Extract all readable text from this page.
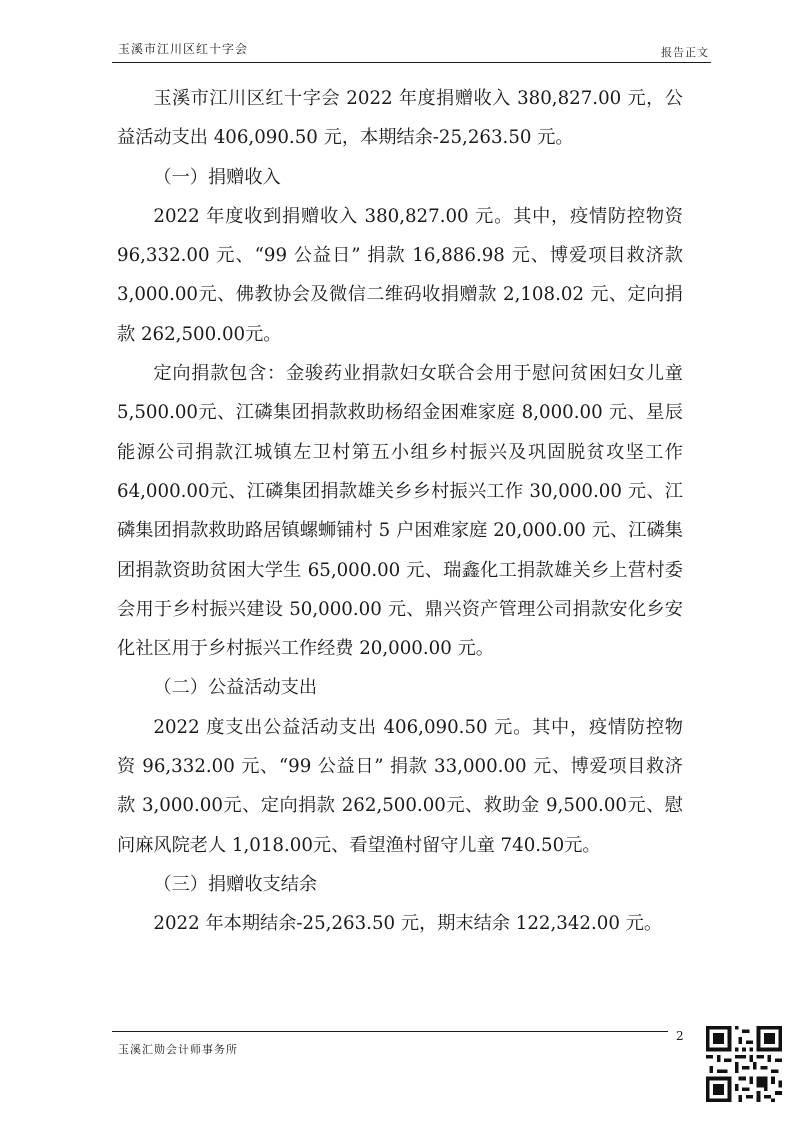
玉溪市江川区红十字会	报告正文

玉溪市江川区红十字会 2022 年度捐赠收入 380,827.00 元，公益活动支出 406,090.50 元，本期结余-25,263.50 元。

（一）捐赠收入

2022 年度收到捐赠收入 380,827.00 元。其中，疫情防控物资 96,332.00 元、“99 公益日” 捐款 16,886.98 元、博爱项目救济款 3,000.00元、佛教协会及微信二维码收捐赠款 2,108.02 元、定向捐款 262,500.00元。

定向捐款包含：金骏药业捐款妇女联合会用于慰问贫困妇女儿童 5,500.00元、江磷集团捐款救助杨绍金困难家庭 8,000.00 元、星辰能源公司捐款江城镇左卫村第五小组乡村振兴及巩固脱贫攻坚工作 64,000.00元、江磷集团捐款雄关乡乡村振兴工作 30,000.00 元、江磷集团捐款救助路居镇螺蛳铺村 5 户困难家庭 20,000.00 元、江磷集团捐款资助贫困大学生 65,000.00 元、瑞鑫化工捐款雄关乡上营村委会用于乡村振兴建设 50,000.00 元、鼎兴资产管理公司捐款安化乡安化社区用于乡村振兴工作经费 20,000.00 元。

（二）公益活动支出

2022 度支出公益活动支出 406,090.50 元。其中，疫情防控物资 96,332.00 元、“99 公益日” 捐款 33,000.00 元、博爱项目救济款 3,000.00元、定向捐款 262,500.00元、救助金 9,500.00元、慰问麻风院老人 1,018.00元、看望渔村留守儿童 740.50元。

（三）捐赠收支结余

2022 年本期结余-25,263.50 元，期末结余 122,342.00 元。

2
玉溪汇勋会计师事务所
